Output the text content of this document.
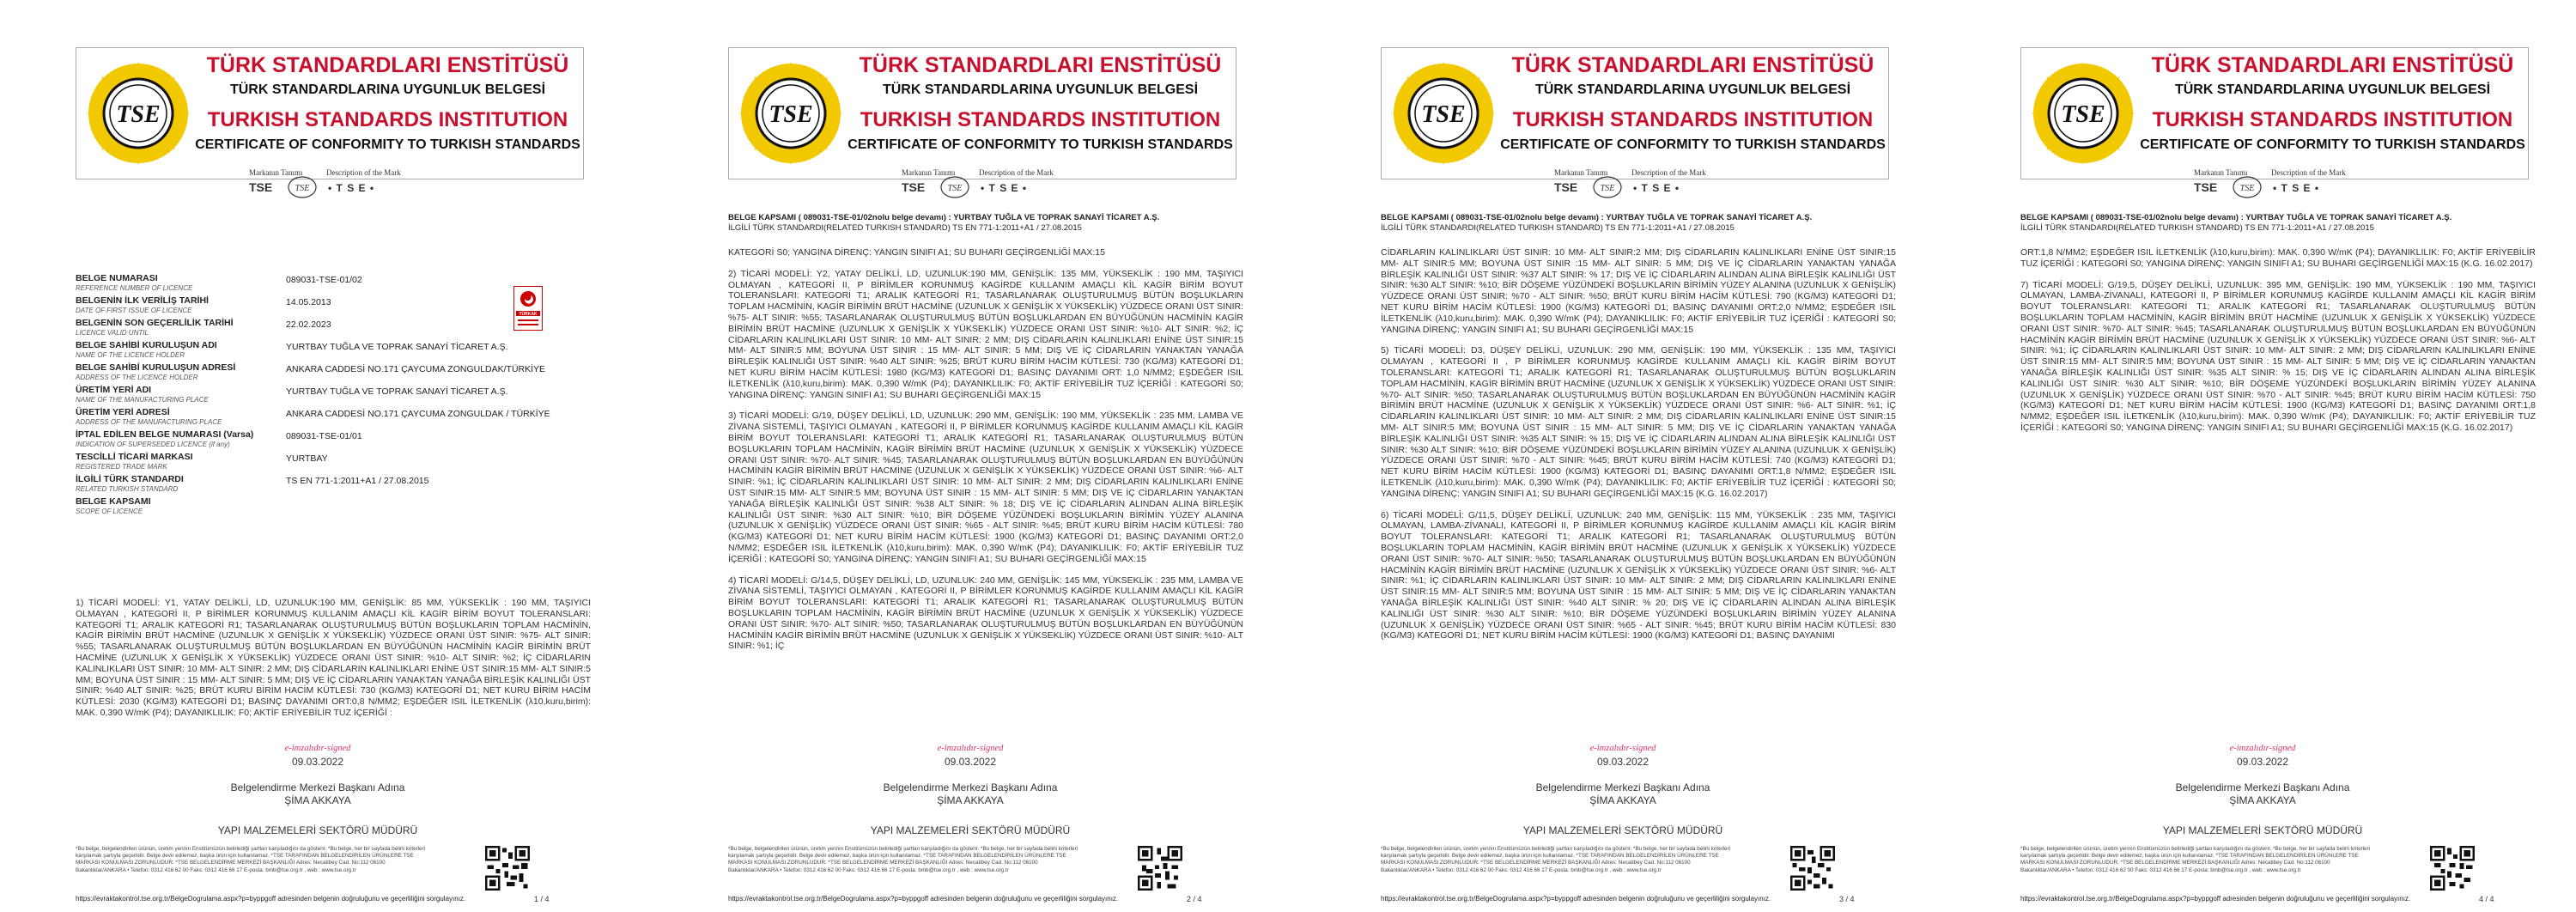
TSE
TÜRK STANDARDLARI ENSTİTÜSÜ
TÜRK STANDARDLARINA UYGUNLUK BELGESİ
TURKISH STANDARDS INSTITUTION
CERTIFICATE OF CONFORMITY TO TURKISH STANDARDS
Markanın Tanımı	Description of the Mark
TSE	TSE • T S E •
BELGE NUMARASI
REFERENCE NUMBER OF LICENCE
089031-TSE-01/02
BELGENİN İLK VERİLİŞ TARİHİ
DATE OF FIRST ISSUE OF LICENCE
14.05.2013
BELGENİN SON GEÇERLİLİK TARİHİ
LICENCE VALID UNTIL
22.02.2023
BELGE SAHİBİ KURULUŞUN ADI
NAME OF THE LICENCE HOLDER
YURTBAY TUĞLA VE TOPRAK SANAYİ TİCARET A.Ş.
BELGE SAHİBİ KURULUŞUN ADRESİ
ADDRESS OF THE LICENCE HOLDER
ANKARA CADDESİ NO.171 ÇAYCUMA ZONGULDAK/TÜRKİYE
ÜRETİM YERİ ADI
NAME OF THE MANUFACTURING PLACE
YURTBAY TUĞLA VE TOPRAK SANAYİ TİCARET A.Ş.
ÜRETİM YERİ ADRESİ
ADDRESS OF THE MANUFACTURING PLACE
ANKARA CADDESİ NO.171 ÇAYCUMA ZONGULDAK / TÜRKİYE
İPTAL EDİLEN BELGE NUMARASI (Varsa)
INDICATION OF SUPERSEDED LICENCE (if any)
089031-TSE-01/01
TESCİLLİ TİCARİ MARKASI
REGISTERED TRADE MARK
YURTBAY
İLGİLİ TÜRK STANDARDI
RELATED TURKISH STANDARD
TS EN 771-1:2011+A1 / 27.08.2015
BELGE KAPSAMI
SCOPE OF LICENCE
TÜRKAK

1) TİCARİ MODELİ: Y1, YATAY DELİKLİ, LD, UZUNLUK:190 MM, GENİŞLİK: 85 MM, YÜKSEKLİK : 190 MM, TAŞIYICI OLMAYAN , KATEGORİ II, P BİRİMLER KORUNMUŞ KULLANIM AMAÇLI KİL KAGİR BİRİM BOYUT TOLERANSLARI: KATEGORİ T1; ARALIK KATEGORİ R1; TASARLANARAK OLUŞTURULMUŞ BÜTÜN BOŞLUKLARIN TOPLAM HACMİNİN, KAGİR BİRİMİN BRÜT HACMİNE (UZUNLUK X GENİŞLİK X YÜKSEKLİK) YÜZDECE ORANI ÜST SINIR: %75- ALT SINIR: %55; TASARLANARAK OLUŞTURULMUŞ BÜTÜN BOŞLUKLARDAN EN BÜYÜĞÜNÜN HACMİNİN KAGİR BİRİMİN BRÜT HACMİNE (UZUNLUK X GENİŞLİK X YÜKSEKLİK) YÜZDECE ORANI ÜST SINIR: %10- ALT SINIR: %2; İÇ CİDARLARIN KALINLIKLARI ÜST SINIR: 10 MM- ALT SINIR: 2 MM; DIŞ CİDARLARIN KALINLIKLARI ENİNE ÜST SINIR:15 MM- ALT SINIR:5 MM; BOYUNA ÜST SINIR : 15 MM- ALT SINIR: 5 MM; DIŞ VE İÇ CİDARLARIN YANAKTAN YANAĞA BİRLEŞİK KALINLIĞI ÜST SINIR: %40 ALT SINIR: %25; BRÜT KURU BİRİM HACİM KÜTLESİ: 730 (KG/M3) KATEGORİ D1; NET KURU BİRİM HACİM KÜTLESİ: 2030 (KG/M3) KATEGORİ D1; BASINÇ DAYANIMI ORT:0,8 N/MM2; EŞDEĞER ISIL İLETKENLİK (λ10,kuru,birim): MAK. 0,390 W/mK (P4); DAYANIKLILIK: F0; AKTİF ERİYEBİLİR TUZ İÇERİĞİ :

e-imzalıdır-signed
09.03.2022
Belgelendirme Merkezi Başkanı Adına
ŞİMA AKKAYA
YAPI MALZEMELERİ SEKTÖRÜ MÜDÜRÜ
*Bu belge, belgelendirilen ürünün, üretim yerinin Enstitümüzün belirlediği şartları karşıladığını da gösterir. *Bu belge, her bir sayfada belirli kriterleri karşılamak şartıyla geçerlidir. Belge devir edilemez, başka ürün için kullanılamaz. *TSE TARAFINDAN BELGELENDİRİLEN ÜRÜNLERE TSE MARKASI KONULMASI ZORUNLUDUR. *TSE BELGELENDİRME MERKEZİ BAŞKANLIĞI Adres: Necatibey Cad. No:112 06100 Bakanlıklar/ANKARA • Telefon: 0312 416 62 00 Faks: 0312 416 66 17 E-posta: bmb@tse.org.tr , web : www.tse.org.tr
https://evraktakontrol.tse.org.tr/BelgeDogrulama.aspx?p=byppgoff adresinden belgenin doğruluğunu ve geçerliliğini sorgulayınız.	1 / 4
TSE
TÜRK STANDARDLARI ENSTİTÜSÜ
TÜRK STANDARDLARINA UYGUNLUK BELGESİ
TURKISH STANDARDS INSTITUTION
CERTIFICATE OF CONFORMITY TO TURKISH STANDARDS
Markanın Tanımı	Description of the Mark
TSE	TSE • T S E •
BELGE KAPSAMI ( 089031-TSE-01/02nolu belge devamı) : YURTBAY TUĞLA VE TOPRAK SANAYİ TİCARET A.Ş.
İLGİLİ TÜRK STANDARDI(RELATED TURKISH STANDARD) TS EN 771-1:2011+A1 / 27.08.2015

KATEGORİ S0; YANGINA DİRENÇ: YANGIN SINIFI A1; SU BUHARI GEÇİRGENLİĞİ MAX:15

2) TİCARİ MODELİ: Y2, YATAY DELİKLİ, LD, UZUNLUK:190 MM, GENİŞLİK: 135 MM, YÜKSEKLİK : 190 MM, TAŞIYICI OLMAYAN , KATEGORİ II, P BİRİMLER KORUNMUŞ KAGİRDE KULLANIM AMAÇLI KİL KAGİR BİRİM BOYUT TOLERANSLARI: KATEGORİ T1; ARALIK KATEGORİ R1; TASARLANARAK OLUŞTURULMUŞ BÜTÜN BOŞLUKLARIN TOPLAM HACMİNİN, KAGİR BİRİMİN BRÜT HACMİNE (UZUNLUK X GENİŞLİK X YÜKSEKLİK) YÜZDECE ORANI ÜST SINIR: %75- ALT SINIR: %55; TASARLANARAK OLUŞTURULMUŞ BÜTÜN BOŞLUKLARDAN EN BÜYÜĞÜNÜN HACMİNİN KAGİR BİRİMİN BRÜT HACMİNE (UZUNLUK X GENİŞLİK X YÜKSEKLİK) YÜZDECE ORANI ÜST SINIR: %10- ALT SINIR: %2; İÇ CİDARLARIN KALINLIKLARI ÜST SINIR: 10 MM- ALT SINIR: 2 MM; DIŞ CİDARLARIN KALINLIKLARI ENİNE ÜST SINIR:15 MM- ALT SINIR:5 MM; BOYUNA ÜST SINIR : 15 MM- ALT SINIR: 5 MM; DIŞ VE İÇ CİDARLARIN YANAKTAN YANAĞA BİRLEŞİK KALINLIĞI ÜST SINIR: %40 ALT SINIR: %25; BRÜT KURU BİRİM HACİM KÜTLESİ: 730 (KG/M3) KATEGORİ D1; NET KURU BİRİM HACİM KÜTLESİ: 1980 (KG/M3) KATEGORİ D1; BASINÇ DAYANIMI ORT: 1,0 N/MM2; EŞDEĞER ISIL İLETKENLİK (λ10,kuru,birim): MAK. 0,390 W/mK (P4); DAYANIKLILIK: F0; AKTİF ERİYEBİLİR TUZ İÇERİĞİ : KATEGORİ S0; YANGINA DİRENÇ: YANGIN SINIFI A1; SU BUHARI GEÇİRGENLİĞİ MAX:15

3) TİCARİ MODELİ: G/19, DÜŞEY DELİKLİ, LD, UZUNLUK: 290 MM, GENİŞLİK: 190 MM, YÜKSEKLİK : 235 MM, LAMBA VE ZİVANA SİSTEMLİ, TAŞIYICI OLMAYAN , KATEGORİ II, P BİRİMLER KORUNMUŞ KAGİRDE KULLANIM AMAÇLI KİL KAGİR BİRİM BOYUT TOLERANSLARI: KATEGORİ T1; ARALIK KATEGORİ R1; TASARLANARAK OLUŞTURULMUŞ BÜTÜN BOŞLUKLARIN TOPLAM HACMİNİN, KAGİR BİRİMİN BRÜT HACMİNE (UZUNLUK X GENİŞLİK X YÜKSEKLİK) YÜZDECE ORANI ÜST SINIR: %70- ALT SINIR: %45; TASARLANARAK OLUŞTURULMUŞ BÜTÜN BOŞLUKLARDAN EN BÜYÜĞÜNÜN HACMİNİN KAGİR BİRİMİN BRÜT HACMİNE (UZUNLUK X GENİŞLİK X YÜKSEKLİK) YÜZDECE ORANI ÜST SINIR: %6- ALT SINIR: %1; İÇ CİDARLARIN KALINLIKLARI ÜST SINIR: 10 MM- ALT SINIR: 2 MM; DIŞ CİDARLARIN KALINLIKLARI ENİNE ÜST SINIR:15 MM- ALT SINIR:5 MM; BOYUNA ÜST SINIR : 15 MM- ALT SINIR: 5 MM; DIŞ VE İÇ CİDARLARIN YANAKTAN YANAĞA BİRLEŞİK KALINLIĞI ÜST SINIR: %38 ALT SINIR: % 18; DIŞ VE İÇ CİDARLARIN ALINDAN ALINA BİRLEŞİK KALINLIĞI ÜST SINIR: %30 ALT SINIR: %10; BİR DÖŞEME YÜZÜNDEKİ BOŞLUKLARIN BİRİMİN YÜZEY ALANINA (UZUNLUK X GENİŞLİK) YÜZDECE ORANI ÜST SINIR: %65 - ALT SINIR: %45; BRÜT KURU BİRİM HACİM KÜTLESİ: 780 (KG/M3) KATEGORİ D1; NET KURU BİRİM HACİM KÜTLESİ: 1900 (KG/M3) KATEGORİ D1; BASINÇ DAYANIMI ORT:2,0 N/MM2; EŞDEĞER ISIL İLETKENLİK (λ10,kuru,birim): MAK. 0,390 W/mK (P4); DAYANIKLILIK: F0; AKTİF ERİYEBİLİR TUZ İÇERİĞİ : KATEGORİ S0; YANGINA DİRENÇ: YANGIN SINIFI A1; SU BUHARI GEÇİRGENLİĞİ MAX:15

4) TİCARİ MODELİ: G/14,5, DÜŞEY DELİKLİ, LD, UZUNLUK: 240 MM, GENİŞLİK: 145 MM, YÜKSEKLİK : 235 MM, LAMBA VE ZİVANA SİSTEMLİ, TAŞIYICI OLMAYAN , KATEGORİ II, P BİRİMLER KORUNMUŞ KAGİRDE KULLANIM AMAÇLI KİL KAGİR BİRİM BOYUT TOLERANSLARI: KATEGORİ T1; ARALIK KATEGORİ R1; TASARLANARAK OLUŞTURULMUŞ BÜTÜN BOŞLUKLARIN TOPLAM HACMİNİN, KAGİR BİRİMİN BRÜT HACMİNE (UZUNLUK X GENİŞLİK X YÜKSEKLİK) YÜZDECE ORANI ÜST SINIR: %70- ALT SINIR: %50; TASARLANARAK OLUŞTURULMUŞ BÜTÜN BOŞLUKLARDAN EN BÜYÜĞÜNÜN HACMİNİN KAGİR BİRİMİN BRÜT HACMİNE (UZUNLUK X GENİŞLİK X YÜKSEKLİK) YÜZDECE ORANI ÜST SINIR: %10- ALT SINIR: %1; İÇ

e-imzalıdır-signed
09.03.2022
Belgelendirme Merkezi Başkanı Adına
ŞİMA AKKAYA
YAPI MALZEMELERİ SEKTÖRÜ MÜDÜRÜ
*Bu belge, belgelendirilen ürünün, üretim yerinin Enstitümüzün belirlediği şartları karşıladığını da gösterir. *Bu belge, her bir sayfada belirli kriterleri karşılamak şartıyla geçerlidir. Belge devir edilemez, başka ürün için kullanılamaz. *TSE TARAFINDAN BELGELENDİRİLEN ÜRÜNLERE TSE MARKASI KONULMASI ZORUNLUDUR. *TSE BELGELENDİRME MERKEZİ BAŞKANLIĞI Adres: Necatibey Cad. No:112 06100 Bakanlıklar/ANKARA • Telefon: 0312 416 62 00 Faks: 0312 416 66 17 E-posta: bmb@tse.org.tr , web : www.tse.org.tr
https://evraktakontrol.tse.org.tr/BelgeDogrulama.aspx?p=byppgoff adresinden belgenin doğruluğunu ve geçerliliğini sorgulayınız.	2 / 4
TSE
TÜRK STANDARDLARI ENSTİTÜSÜ
TÜRK STANDARDLARINA UYGUNLUK BELGESİ
TURKISH STANDARDS INSTITUTION
CERTIFICATE OF CONFORMITY TO TURKISH STANDARDS
Markanın Tanımı	Description of the Mark
TSE	TSE • T S E •
BELGE KAPSAMI ( 089031-TSE-01/02nolu belge devamı) : YURTBAY TUĞLA VE TOPRAK SANAYİ TİCARET A.Ş.
İLGİLİ TÜRK STANDARDI(RELATED TURKISH STANDARD) TS EN 771-1:2011+A1 / 27.08.2015

CİDARLARIN KALINLIKLARI ÜST SINIR: 10 MM- ALT SINIR:2 MM; DIŞ CİDARLARIN KALINLIKLARI ENİNE ÜST SINIR:15 MM- ALT SINIR:5 MM; BOYUNA ÜST SINIR :15 MM- ALT SINIR: 5 MM; DIŞ VE İÇ CİDARLARIN YANAKTAN YANAĞA BİRLEŞİK KALINLIĞI ÜST SINIR: %37 ALT SINIR: % 17; DIŞ VE İÇ CİDARLARIN ALINDAN ALINA BİRLEŞİK KALINLIĞI ÜST SINIR: %30 ALT SINIR: %10; BİR DÖŞEME YÜZÜNDEKİ BOŞLUKLARIN BİRİMİN YÜZEY ALANINA (UZUNLUK X GENİŞLİK) YÜZDECE ORANI ÜST SINIR: %70 - ALT SINIR: %50; BRÜT KURU BİRİM HACİM KÜTLESİ: 790 (KG/M3) KATEGORİ D1; NET KURU BİRİM HACİM KÜTLESİ: 1900 (KG/M3) KATEGORİ D1; BASINÇ DAYANIMI ORT:2,0 N/MM2; EŞDEĞER ISIL İLETKENLİK (λ10,kuru,birim): MAK. 0,390 W/mK (P4); DAYANIKLILIK: F0; AKTİF ERİYEBİLİR TUZ İÇERİĞİ : KATEGORİ S0; YANGINA DİRENÇ: YANGIN SINIFI A1; SU BUHARI GEÇİRGENLİĞİ MAX:15

5) TİCARİ MODELİ: D3, DÜŞEY DELİKLİ, UZUNLUK: 290 MM, GENİŞLİK: 190 MM, YÜKSEKLİK : 135 MM, TAŞIYICI OLMAYAN , KATEGORİ II , P BİRİMLER KORUNMUŞ KAGİRDE KULLANIM AMAÇLI KİL KAGİR BİRİM BOYUT TOLERANSLARI: KATEGORİ T1; ARALIK KATEGORİ R1; TASARLANARAK OLUŞTURULMUŞ BÜTÜN BOŞLUKLARIN TOPLAM HACMİNİN, KAGİR BİRİMİN BRÜT HACMİNE (UZUNLUK X GENİŞLİK X YÜKSEKLİK) YÜZDECE ORANI ÜST SINIR: %70- ALT SINIR: %50; TASARLANARAK OLUŞTURULMUŞ BÜTÜN BOŞLUKLARDAN EN BÜYÜĞÜNÜN HACMİNİN KAGİR BİRİMİN BRÜT HACMİNE (UZUNLUK X GENİŞLİK X YÜKSEKLİK) YÜZDECE ORANI ÜST SINIR: %6- ALT SINIR: %1; İÇ CİDARLARIN KALINLIKLARI ÜST SINIR: 10 MM- ALT SINIR: 2 MM; DIŞ CİDARLARIN KALINLIKLARI ENİNE ÜST SINIR:15 MM- ALT SINIR:5 MM; BOYUNA ÜST SINIR : 15 MM- ALT SINIR: 5 MM; DIŞ VE İÇ CİDARLARIN YANAKTAN YANAĞA BİRLEŞİK KALINLIĞI ÜST SINIR: %35 ALT SINIR: % 15; DIŞ VE İÇ CİDARLARIN ALINDAN ALINA BİRLEŞİK KALINLIĞI ÜST SINIR: %30 ALT SINIR: %10; BİR DÖŞEME YÜZÜNDEKİ BOŞLUKLARIN BİRİMİN YÜZEY ALANINA (UZUNLUK X GENİŞLİK) YÜZDECE ORANI ÜST SINIR: %70 - ALT SINIR: %45; BRÜT KURU BİRİM HACİM KÜTLESİ: 740 (KG/M3) KATEGORİ D1; NET KURU BİRİM HACİM KÜTLESİ: 1900 (KG/M3) KATEGORİ D1; BASINÇ DAYANIMI ORT:1,8 N/MM2; EŞDEĞER ISIL İLETKENLİK (λ10,kuru,birim): MAK. 0,390 W/mK (P4); DAYANIKLILIK: F0; AKTİF ERİYEBİLİR TUZ İÇERİĞİ : KATEGORİ S0; YANGINA DİRENÇ: YANGIN SINIFI A1; SU BUHARI GEÇİRGENLİĞİ MAX:15 (K.G. 16.02.2017)

6) TİCARİ MODELİ: G/11,5, DÜŞEY DELİKLİ, UZUNLUK: 240 MM, GENİŞLİK: 115 MM, YÜKSEKLİK : 235 MM, TAŞIYICI OLMAYAN, LAMBA-ZİVANALI, KATEGORİ II, P BİRİMLER KORUNMUŞ KAGİRDE KULLANIM AMAÇLI KİL KAGİR BİRİM BOYUT TOLERANSLARI: KATEGORİ T1; ARALIK KATEGORİ R1; TASARLANARAK OLUŞTURULMUŞ BÜTÜN BOŞLUKLARIN TOPLAM HACMİNİN, KAGİR BİRİMİN BRÜT HACMİNE (UZUNLUK X GENİŞLİK X YÜKSEKLİK) YÜZDECE ORANI ÜST SINIR: %70- ALT SINIR: %50; TASARLANARAK OLUŞTURULMUŞ BÜTÜN BOŞLUKLARDAN EN BÜYÜĞÜNÜN HACMİNİN KAGİR BİRİMİN BRÜT HACMİNE (UZUNLUK X GENİŞLİK X YÜKSEKLİK) YÜZDECE ORANI ÜST SINIR: %6- ALT SINIR: %1; İÇ CİDARLARIN KALINLIKLARI ÜST SINIR: 10 MM- ALT SINIR: 2 MM; DIŞ CİDARLARIN KALINLIKLARI ENİNE ÜST SINIR:15 MM- ALT SINIR:5 MM; BOYUNA ÜST SINIR : 15 MM- ALT SINIR: 5 MM; DIŞ VE İÇ CİDARLARIN YANAKTAN YANAĞA BİRLEŞİK KALINLIĞI ÜST SINIR: %40 ALT SINIR: % 20; DIŞ VE İÇ CİDARLARIN ALINDAN ALINA BİRLEŞİK KALINLIĞI ÜST SINIR: %30 ALT SINIR: %10; BİR DÖŞEME YÜZÜNDEKİ BOŞLUKLARIN BİRİMİN YÜZEY ALANINA (UZUNLUK X GENİŞLİK) YÜZDECE ORANI ÜST SINIR: %65 - ALT SINIR: %45; BRÜT KURU BİRİM HACİM KÜTLESİ: 830 (KG/M3) KATEGORİ D1; NET KURU BİRİM HACİM KÜTLESİ: 1900 (KG/M3) KATEGORİ D1; BASINÇ DAYANIMI

e-imzalıdır-signed
09.03.2022
Belgelendirme Merkezi Başkanı Adına
ŞİMA AKKAYA
YAPI MALZEMELERİ SEKTÖRÜ MÜDÜRÜ
*Bu belge, belgelendirilen ürünün, üretim yerinin Enstitümüzün belirlediği şartları karşıladığını da gösterir. *Bu belge, her bir sayfada belirli kriterleri karşılamak şartıyla geçerlidir. Belge devir edilemez, başka ürün için kullanılamaz. *TSE TARAFINDAN BELGELENDİRİLEN ÜRÜNLERE TSE MARKASI KONULMASI ZORUNLUDUR. *TSE BELGELENDİRME MERKEZİ BAŞKANLIĞI Adres: Necatibey Cad. No:112 06100 Bakanlıklar/ANKARA • Telefon: 0312 416 62 00 Faks: 0312 416 66 17 E-posta: bmb@tse.org.tr , web : www.tse.org.tr
https://evraktakontrol.tse.org.tr/BelgeDogrulama.aspx?p=byppgoff adresinden belgenin doğruluğunu ve geçerliliğini sorgulayınız.	3 / 4
TSE
TÜRK STANDARDLARI ENSTİTÜSÜ
TÜRK STANDARDLARINA UYGUNLUK BELGESİ
TURKISH STANDARDS INSTITUTION
CERTIFICATE OF CONFORMITY TO TURKISH STANDARDS
Markanın Tanımı	Description of the Mark
TSE	TSE • T S E •
BELGE KAPSAMI ( 089031-TSE-01/02nolu belge devamı) : YURTBAY TUĞLA VE TOPRAK SANAYİ TİCARET A.Ş.
İLGİLİ TÜRK STANDARDI(RELATED TURKISH STANDARD) TS EN 771-1:2011+A1 / 27.08.2015

ORT:1,8 N/MM2; EŞDEĞER ISIL İLETKENLİK (λ10,kuru,birim): MAK. 0,390 W/mK (P4); DAYANIKLILIK: F0; AKTİF ERİYEBİLİR TUZ İÇERİĞİ : KATEGORİ S0; YANGINA DİRENÇ: YANGIN SINIFI A1; SU BUHARI GEÇİRGENLİĞİ MAX:15 (K.G. 16.02.2017)

7) TİCARİ MODELİ: G/19,5, DÜŞEY DELİKLİ, UZUNLUK: 395 MM, GENİŞLİK: 190 MM, YÜKSEKLİK : 190 MM, TAŞIYICI OLMAYAN, LAMBA-ZİVANALI, KATEGORİ II, P BİRİMLER KORUNMUŞ KAGİRDE KULLANIM AMAÇLI KİL KAGİR BİRİM BOYUT TOLERANSLARI: KATEGORİ T1; ARALIK KATEGORİ R1; TASARLANARAK OLUŞTURULMUŞ BÜTÜN BOŞLUKLARIN TOPLAM HACMİNİN, KAGİR BİRİMİN BRÜT HACMİNE (UZUNLUK X GENİŞLİK X YÜKSEKLİK) YÜZDECE ORANI ÜST SINIR: %70- ALT SINIR: %45; TASARLANARAK OLUŞTURULMUŞ BÜTÜN BOŞLUKLARDAN EN BÜYÜĞÜNÜN HACMİNİN KAGİR BİRİMİN BRÜT HACMİNE (UZUNLUK X GENİŞLİK X YÜKSEKLİK) YÜZDECE ORANI ÜST SINIR: %6- ALT SINIR: %1; İÇ CİDARLARIN KALINLIKLARI ÜST SINIR: 10 MM- ALT SINIR: 2 MM; DIŞ CİDARLARIN KALINLIKLARI ENİNE ÜST SINIR:15 MM- ALT SINIR:5 MM; BOYUNA ÜST SINIR : 15 MM- ALT SINIR: 5 MM; DIŞ VE İÇ CİDARLARIN YANAKTAN YANAĞA BİRLEŞİK KALINLIĞI ÜST SINIR: %35 ALT SINIR: % 15; DIŞ VE İÇ CİDARLARIN ALINDAN ALINA BİRLEŞİK KALINLIĞI ÜST SINIR: %30 ALT SINIR: %10; BİR DÖŞEME YÜZÜNDEKİ BOŞLUKLARIN BİRİMİN YÜZEY ALANINA (UZUNLUK X GENİŞLİK) YÜZDECE ORANI ÜST SINIR: %70 - ALT SINIR: %45; BRÜT KURU BİRİM HACİM KÜTLESİ: 750 (KG/M3) KATEGORİ D1; NET KURU BİRİM HACİM KÜTLESİ: 1900 (KG/M3) KATEGORİ D1; BASINÇ DAYANIMI ORT:1,8 N/MM2; EŞDEĞER ISIL İLETKENLİK (λ10,kuru,birim): MAK. 0,390 W/mK (P4); DAYANIKLILIK: F0; AKTİF ERİYEBİLİR TUZ İÇERİĞİ : KATEGORİ S0; YANGINA DİRENÇ: YANGIN SINIFI A1; SU BUHARI GEÇİRGENLİĞİ MAX:15 (K.G. 16.02.2017)

e-imzalıdır-signed
09.03.2022
Belgelendirme Merkezi Başkanı Adına
ŞİMA AKKAYA
YAPI MALZEMELERİ SEKTÖRÜ MÜDÜRÜ
*Bu belge, belgelendirilen ürünün, üretim yerinin Enstitümüzün belirlediği şartları karşıladığını da gösterir. *Bu belge, her bir sayfada belirli kriterleri karşılamak şartıyla geçerlidir. Belge devir edilemez, başka ürün için kullanılamaz. *TSE TARAFINDAN BELGELENDİRİLEN ÜRÜNLERE TSE MARKASI KONULMASI ZORUNLUDUR. *TSE BELGELENDİRME MERKEZİ BAŞKANLIĞI Adres: Necatibey Cad. No:112 06100 Bakanlıklar/ANKARA • Telefon: 0312 416 62 00 Faks: 0312 416 66 17 E-posta: bmb@tse.org.tr , web : www.tse.org.tr
https://evraktakontrol.tse.org.tr/BelgeDogrulama.aspx?p=byppgoff adresinden belgenin doğruluğunu ve geçerliliğini sorgulayınız.	4 / 4
